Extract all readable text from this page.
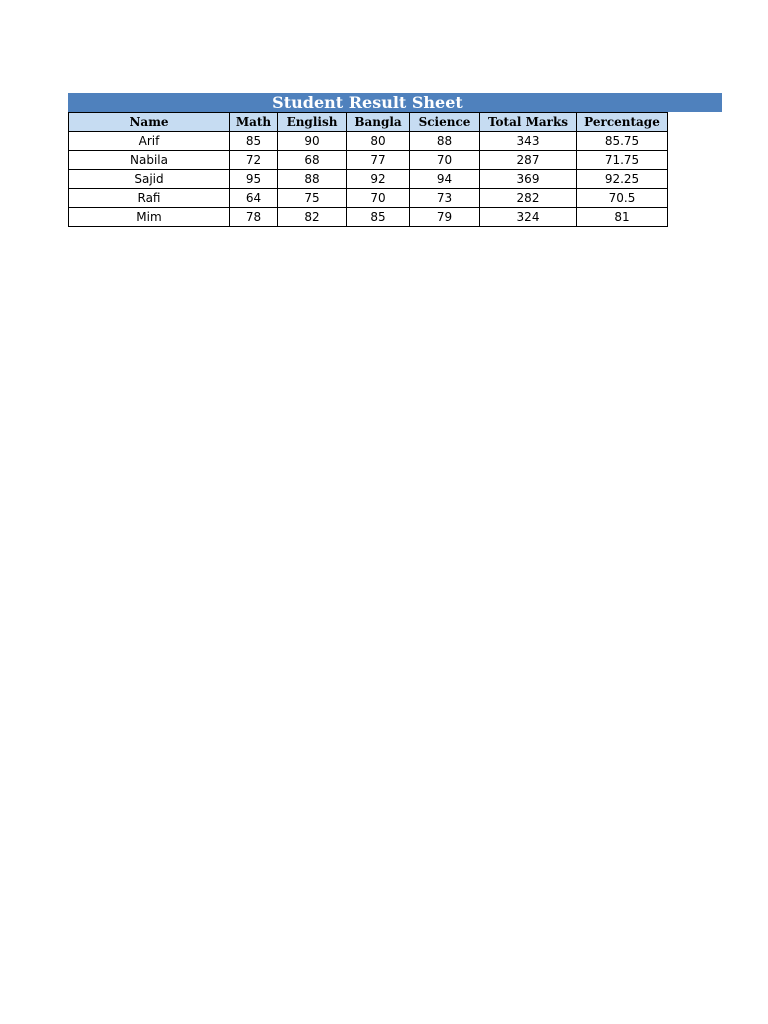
Student Result Sheet
Name	Math	English	Bangla	Science	Total Marks	Percentage
Arif	85	90	80	88	343	85.75
Nabila	72	68	77	70	287	71.75
Sajid	95	88	92	94	369	92.25
Rafi	64	75	70	73	282	70.5
Mim	78	82	85	79	324	81
